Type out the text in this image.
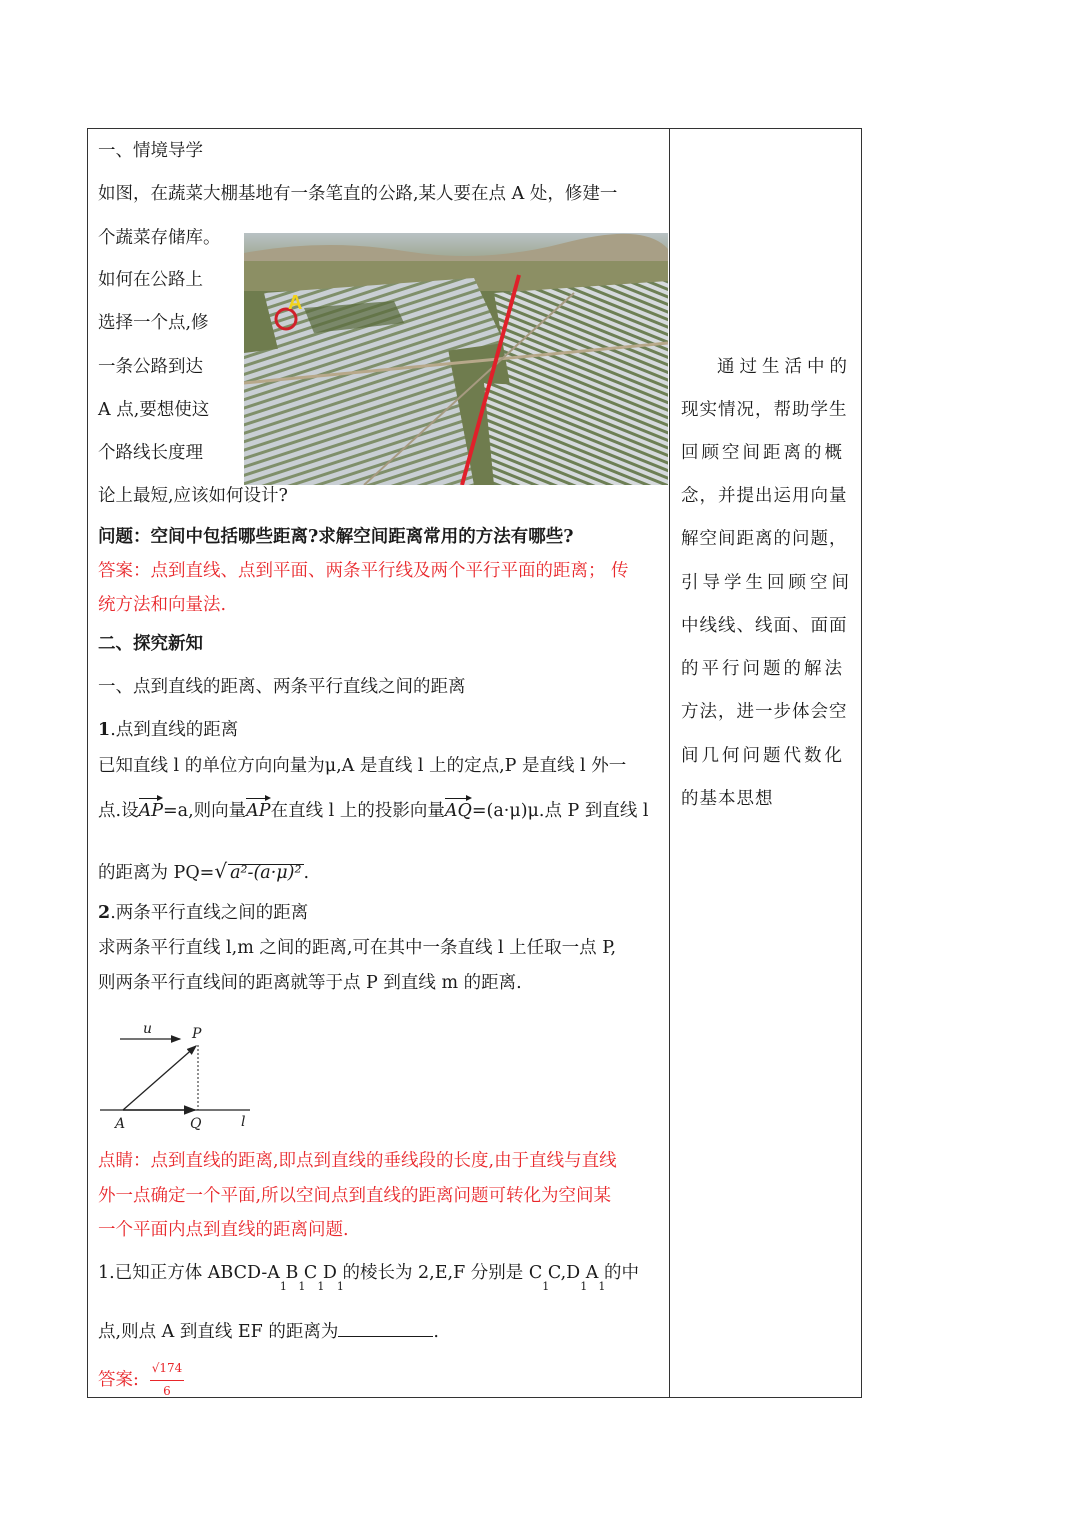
一、情境导学
如图，在蔬菜大棚基地有一条笔直的公路,某人要在点 A 处，修建一
个蔬菜存储库。
如何在公路上
选择一个点,修
一条公路到达
A 点,要想使这
个路线长度理
论上最短,应该如何设计?
A
问题：空间中包括哪些距离?求解空间距离常用的方法有哪些?
答案：点到直线、点到平面、两条平行线及两个平行平面的距离； 传
统方法和向量法.
二、探究新知
一、点到直线的距离、两条平行直线之间的距离
1.点到直线的距离
已知直线 l 的单位方向向量为μ,A 是直线 l 上的定点,P 是直线 l 外一
点.设AP=a,则向量AP在直线 l 上的投影向量AQ=(a·μ)μ.点 P 到直线 l
的距离为 PQ=√ a²-(a·μ)² .
2.两条平行直线之间的距离
求两条平行直线 l,m 之间的距离,可在其中一条直线 l 上任取一点 P,
则两条平行直线间的距离就等于点 P 到直线 m 的距离.
u	P
A	Q	l
点睛：点到直线的距离,即点到直线的垂线段的长度,由于直线与直线
外一点确定一个平面,所以空间点到直线的距离问题可转化为空间某
一个平面内点到直线的距离问题.
1.已知正方体 ABCD-A
1
B
1
C
1
D
1
的棱长为 2,E,F 分别是 C
1
C,D
1
A
1
的中
点,则点 A 到直线 EF 的距离为	.
答案:
√174
6
通过生活中的
现实情况，帮助学生
回顾空间距离的概
念，并提出运用向量
解空间距离的问题，
引导学生回顾空间
中线线、线面、面面
的平行问题的解法
方法，进一步体会空
间几何问题代数化
的基本思想
